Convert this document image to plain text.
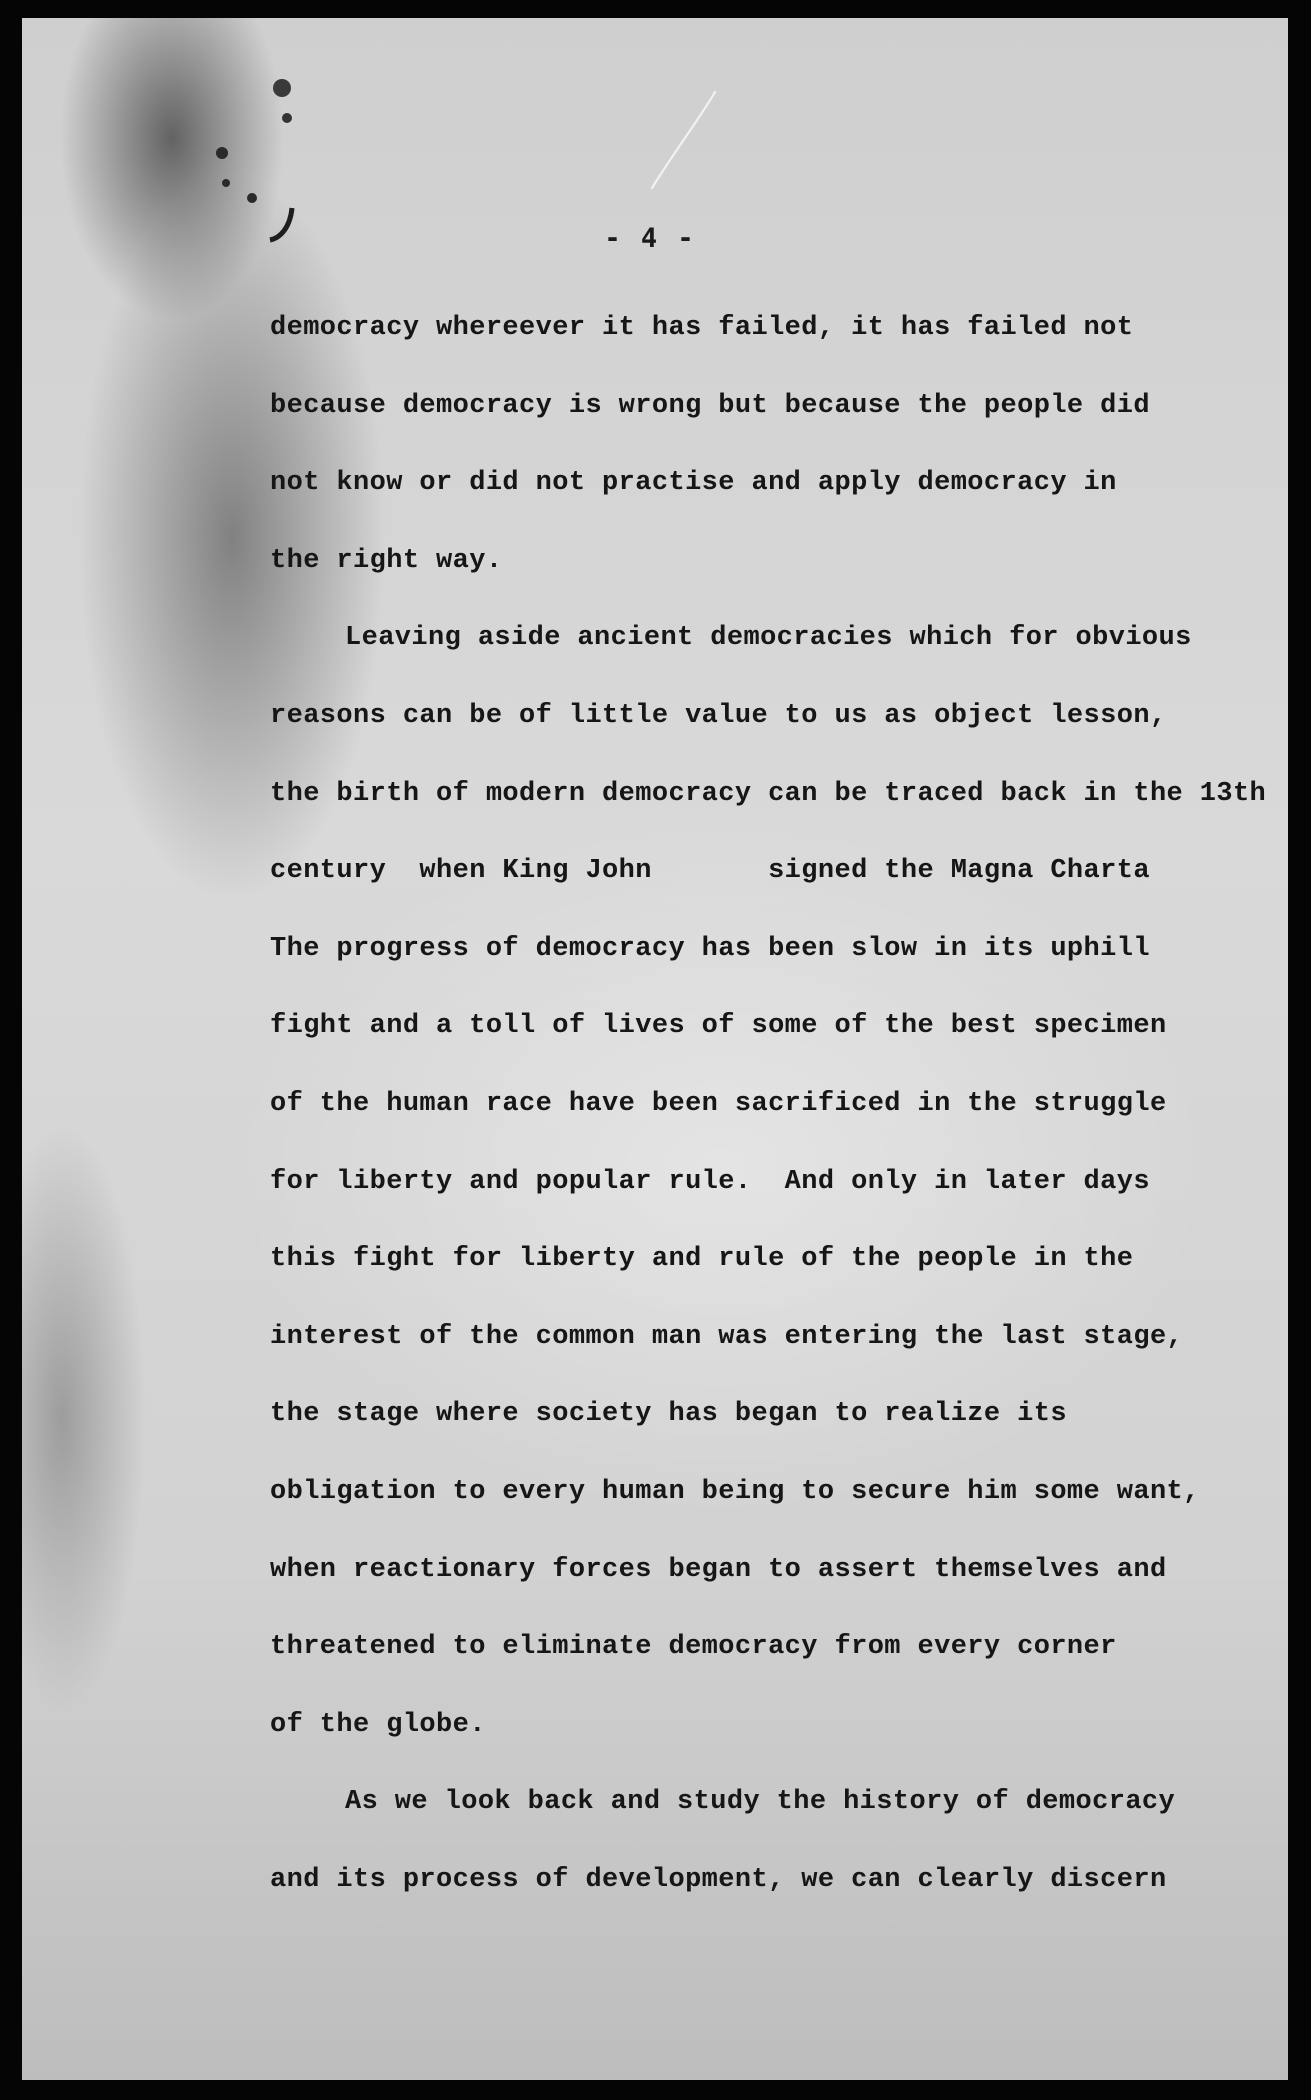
- 4 -
democracy whereever it has failed, it has failed not
because democracy is wrong but because the people did
not know or did not practise and apply democracy in
the right way.
Leaving aside ancient democracies which for obvious
reasons can be of little value to us as object lesson,
the birth of modern democracy can be traced back in the 13th
century  when King John       signed the Magna Charta
The progress of democracy has been slow in its uphill
fight and a toll of lives of some of the best specimen
of the human race have been sacrificed in the struggle
for liberty and popular rule.  And only in later days
this fight for liberty and rule of the people in the
interest of the common man was entering the last stage,
the stage where society has began to realize its
obligation to every human being to secure him some want,
when reactionary forces began to assert themselves and
threatened to eliminate democracy from every corner
of the globe.
As we look back and study the history of democracy
and its process of development, we can clearly discern
